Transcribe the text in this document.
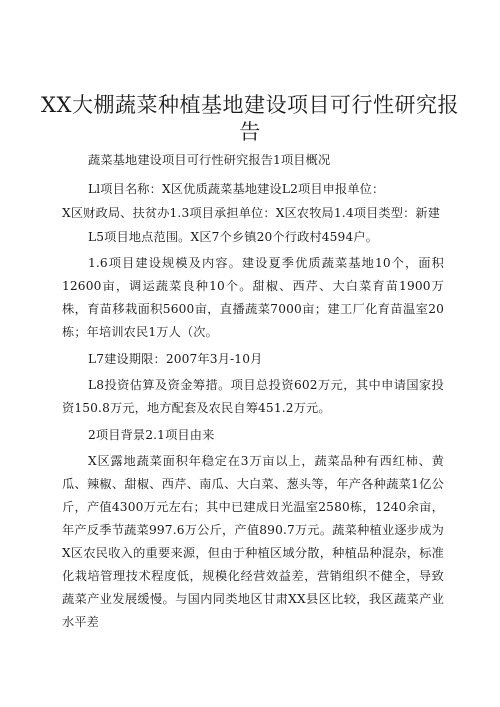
XX大棚蔬菜种植基地建设项目可行性研究报
告

蔬菜基地建设项目可行性研究报告1项目概况

Ll项目名称：X区优质蔬菜基地建设L2项目申报单位：

X区财政局、扶贫办1.3项目承担单位：X区农牧局1.4项目类型：新建

L5项目地点范围。X区7个乡镇20个行政村4594户。

1.6项目建设规模及内容。建设夏季优质蔬菜基地10个，面积12600亩，调运蔬菜良种10个。甜椒、西芹、大白菜育苗1900万株，育苗移栽面积5600亩，直播蔬菜7000亩；建工厂化育苗温室20栋；年培训农民1万人（次。

L7建设期限：2007年3月-10月

L8投资估算及资金筹措。项目总投资602万元，其中申请国家投资150.8万元，地方配套及农民自筹451.2万元。

2项目背景2.1项目由来

X区露地蔬菜面积年稳定在3万亩以上，蔬菜品种有西红柿、黄瓜、辣椒、甜椒、西芹、南瓜、大白菜、葱头等，年产各种蔬菜1亿公斤，产值4300万元左右；其中已建成日光温室2580栋，1240余亩，年产反季节蔬菜997.6万公斤，产值890.7万元。蔬菜种植业逐步成为X区农民收入的重要来源，但由于种植区域分散，种植品种混杂，标准化栽培管理技术程度低，规模化经营效益差，营销组织不健全，导致蔬菜产业发展缓慢。与国内同类地区甘肃XX县区比较，我区蔬菜产业水平差
